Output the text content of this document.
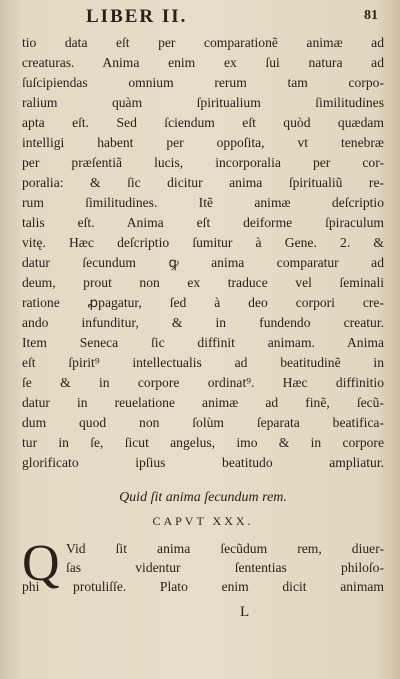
LIBER II.	81
tio data eſt per comparationẽ animæ ad
creaturas. Anima enim ex ſui natura ad
ſuſcipiendas omnium rerum tam corpo-
ralium quàm ſpiritualium ſimilitudines
apta eſt. Sed ſciendum eſt quòd quædam
intelligi habent per oppoſita, vt tenebræ
per præſentiã lucis, incorporalia per cor-
poralia: & ſic dicitur anima ſpiritualiũ re-
rum ſimilitudines. Itẽ animæ deſcriptio
talis eſt. Anima eſt deiforme ſpiraculum
vitę. Hæc deſcriptio ſumitur à Gene. 2. &
datur ſecundum ꝙ anima comparatur ad
deum, prout non ex traduce vel ſeminali
ratione ꝓpagatur, ſed à deo corpori cre-
ando infunditur, & in fundendo creatur.
Item Seneca ſic diffinit animam. Anima
eſt ſpirit⁹ intellectualis ad beatitudinẽ in
ſe & in corpore ordinat⁹. Hæc diffinitio
datur in reuelatione animæ ad finẽ, ſecũ-
dum quod non ſolùm ſeparata beatifica-
tur in ſe, ſicut angelus, imo & in corpore
glorificato ipſius beatitudo ampliatur.
Quid ſit anima ſecundum rem.
CAPVT XXX.
Q Vid ſit anima ſecũdum rem, diuer-
ſas videntur ſententias philoſo-
phi protuliſſe. Plato enim dicit animam
L
